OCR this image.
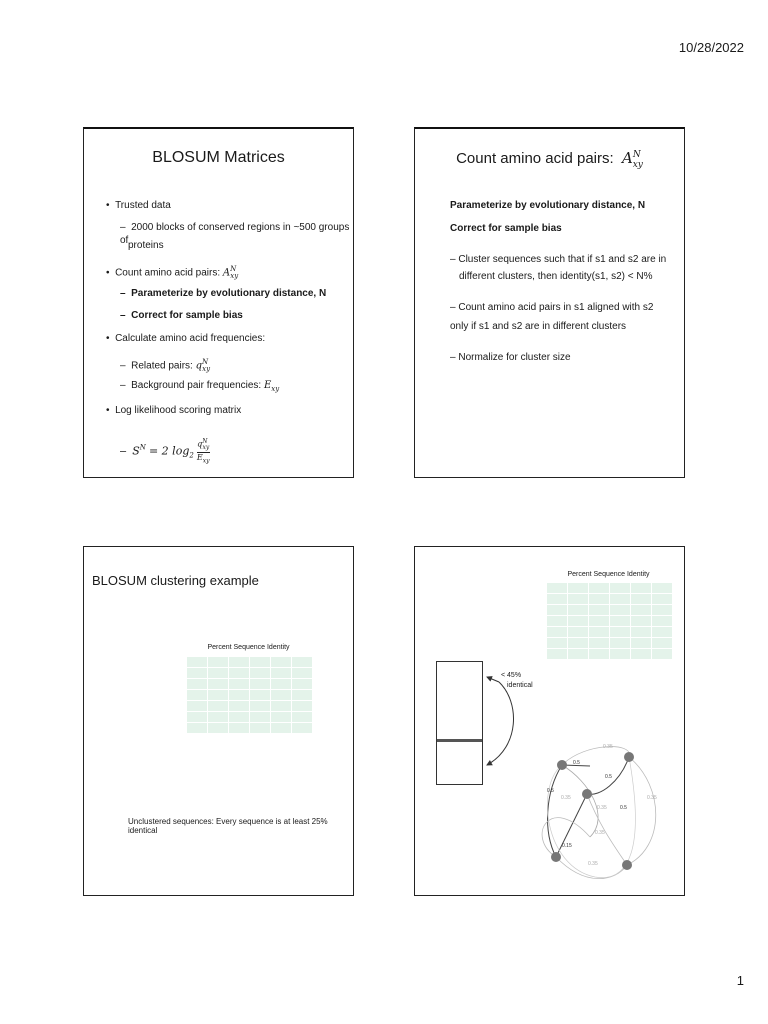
10/28/2022
BLOSUM Matrices
•  Trusted data
–  2000 blocks of conserved regions in ~500 groups of proteins
•  Count amino acid pairs: $A^N_{xy}$
–  Parameterize by evolutionary distance, N
–  Correct for sample bias
•  Calculate amino acid frequencies:
–  Related pairs: $q^N_{xy}$
–  Background pair frequencies: $E_{xy}$
•  Log likelihood scoring matrix
–  $S^N = 2$ $\log_2$
$q^N_{xy}$
$E_{xy}$
Count amino acid pairs: $A^N_{xy}$
Parameterize by evolutionary distance, N
Correct for sample bias
– Cluster sequences such that if s1 and s2 are in
different clusters, then identity(s1, s2) < N%
– Count amino acid pairs in s1 aligned with s2
only if s1 and s2 are in different clusters
– Normalize for cluster size
BLOSUM clustering example
Percent Sequence Identity

Unclustered sequences: Every sequence is at least 25% identical
Percent Sequence Identity

< 45%
identical
0.35
0.5
0.5
0.5
0.5
0.15
0.35
0.35
0.35
0.35
0.35
1
